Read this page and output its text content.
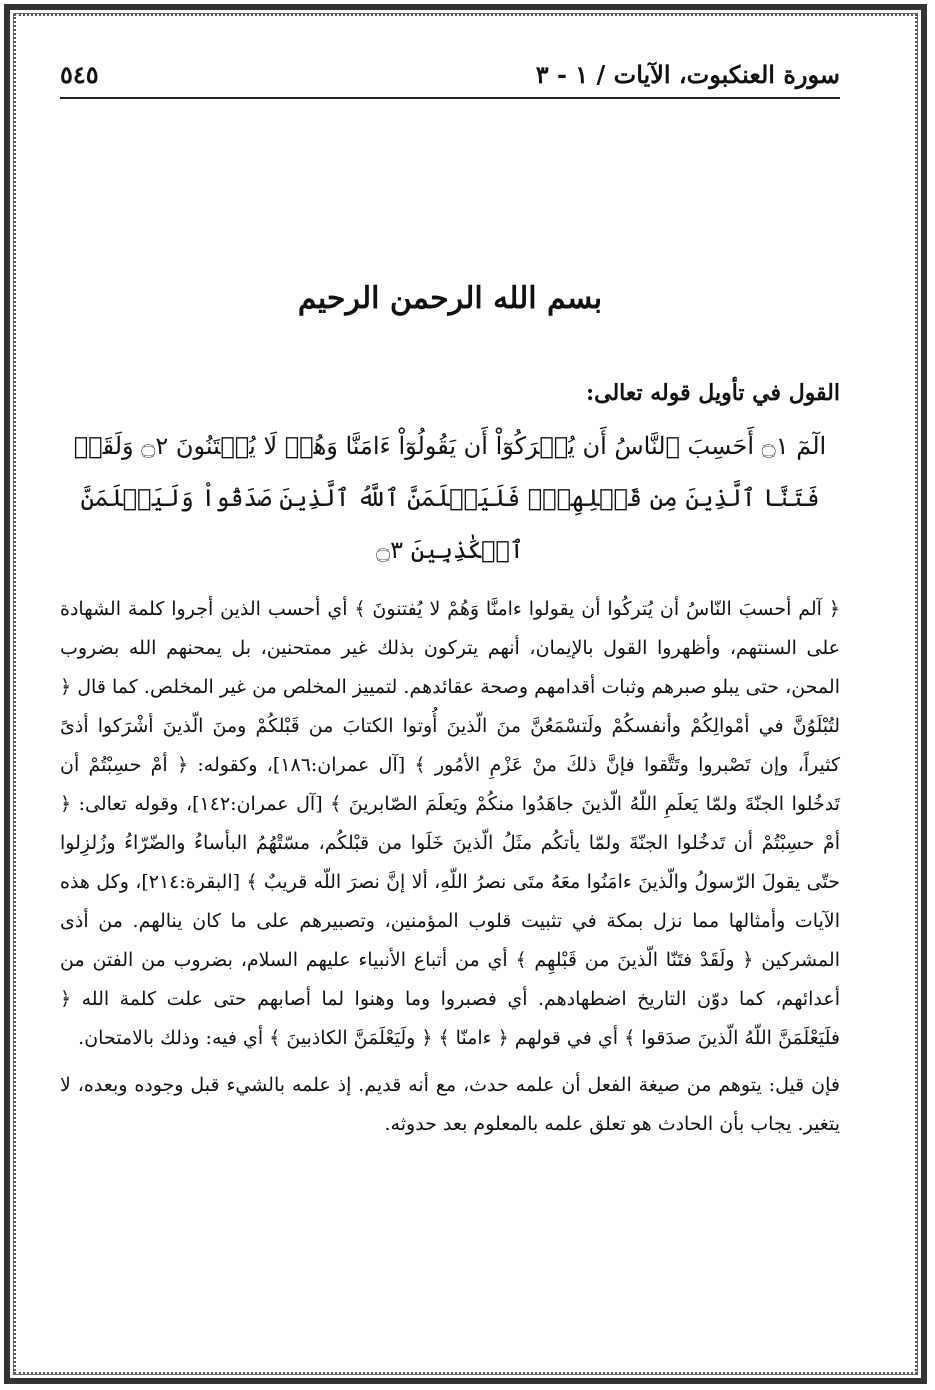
سورة العنكبوت، الآيات / ١ - ٣
٥٤٥
بسم الله الرحمن الرحيم
القول في تأويل قوله تعالى:
الٓمٓ ۝١ أَحَسِبَ ٱلنَّاسُ أَن يُتۡرَكُوٓاْ أَن يَقُولُوٓاْ ءَامَنَّا وَهُمۡ لَا يُفۡتَنُونَ ۝٢ وَلَقَدۡ
فَتَنَّا ٱلَّذِينَ مِن قَبۡلِهِمۡۖ فَلَيَعۡلَمَنَّ ٱللَّهُ ٱلَّذِينَ صَدَقُواْ وَلَيَعۡلَمَنَّ ٱلۡكَٰذِبِينَ ۝٣

﴿ آلم أحسبَ النّاسُ أن يُتركُوا أن يقولوا ءامنَّا وَهُمْ لا يُفتنونَ ﴾ أي أحسب الذين أجروا كلمة الشهادة على السنتهم، وأظهروا القول بالإيمان، أنهم يتركون بذلك غير ممتحنين، بل يمحنهم الله بضروب المحن، حتى يبلو صبرهم وثبات أقدامهم وصحة عقائدهم. لتمييز المخلص من غير المخلص. كما قال ﴿ لتُبْلَوُنَّ في أمْوالِكُمْ وأنفسكُمْ ولَتسْمَعُنَّ منَ الّذينَ أُوتوا الكتابَ من قَبْلكُمْ ومنَ الّذينَ أشْرَكوا أذىً كثيراً، وإن تَصْبروا وتَتَّقوا فإنَّ ذلكَ منْ عَزْمِ الأمُور ﴾ [آل عمران:١٨٦]، وكقوله: ﴿ أمْ حسِبْتُمْ أن تَدخُلوا الجنّةَ ولمّا يَعلَمِ اللّهُ الّذينَ جاهَدُوا منكُمْ ويَعلَمَ الصّابرينَ ﴾ [آل عمران:١٤٢]، وقوله تعالى: ﴿ أمْ حسِبْتُمْ أن تَدخُلوا الجنّةَ ولمّا يأتكُم مثَلُ الّذينَ خَلَوا من قبْلكُم، مسّتْهُمُ البأساءُ والضّرّاءُ وزُلزِلوا حتّى يقولَ الرّسولُ والّذينَ ءامَنُوا معَهُ متَى نصرُ اللّهِ، ألا إنَّ نصرَ اللّه قريبٌ ﴾ [البقرة:٢١٤]، وكل هذه الآيات وأمثالها مما نزل بمكة في تثبيت قلوب المؤمنين، وتصبيرهم على ما كان ينالهم. من أذى المشركين ﴿ ولَقَدْ فتَنّا الّذينَ من قَبْلهِم ﴾ أي من أتباع الأنبياء عليهم السلام، بضروب من الفتن من أعدائهم، كما دوّن التاريخ اضطهادهم. أي فصبروا وما وهنوا لما أصابهم حتى علت كلمة الله ﴿ فلَيَعْلَمَنَّ اللّهُ الّذينَ صدَقوا ﴾ أي في قولهم ﴿ ءامنّا ﴾ ﴿ ولَيَعْلَمَنَّ الكاذبينَ ﴾ أي فيه: وذلك بالامتحان.

فإن قيل: يتوهم من صيغة الفعل أن علمه حدث، مع أنه قديم. إذ علمه بالشيء قبل وجوده وبعده، لا يتغير. يجاب بأن الحادث هو تعلق علمه بالمعلوم بعد حدوثه.
